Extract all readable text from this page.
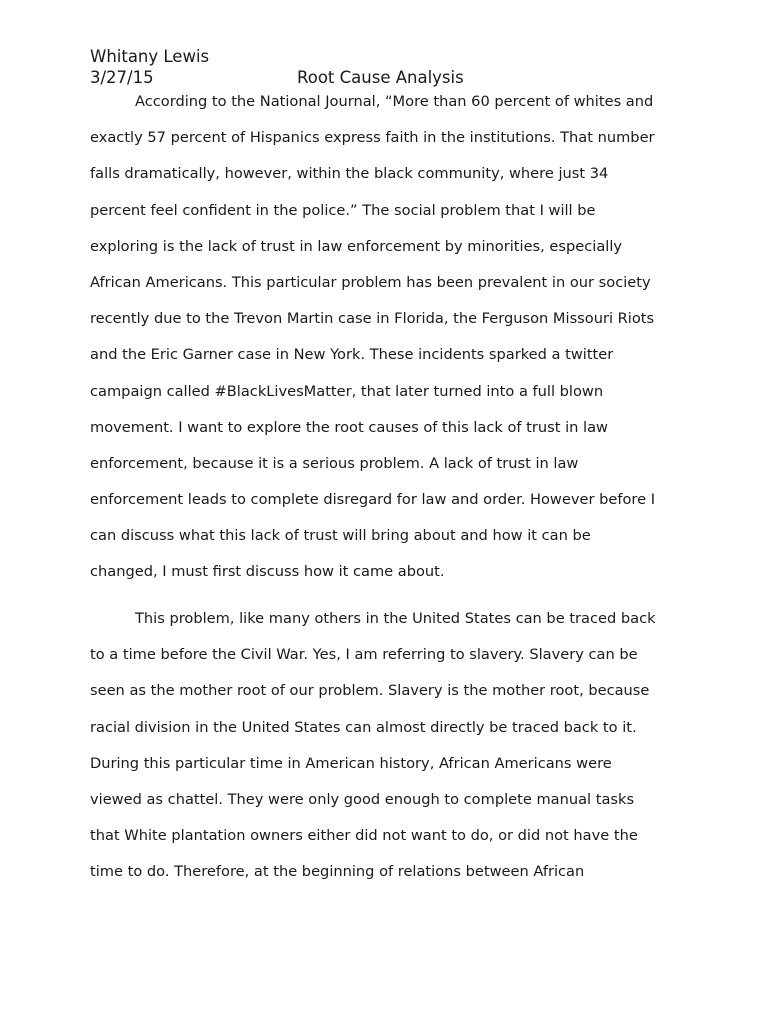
Whitany Lewis
3/27/15	Root Cause Analysis

According to the National Journal, “More than 60 percent of whites and
exactly 57 percent of Hispanics express faith in the institutions. That number
falls dramatically, however, within the black community, where just 34
percent feel confident in the police.” The social problem that I will be
exploring is the lack of trust in law enforcement by minorities, especially
African Americans. This particular problem has been prevalent in our society
recently due to the Trevon Martin case in Florida, the Ferguson Missouri Riots
and the Eric Garner case in New York. These incidents sparked a twitter
campaign called #BlackLivesMatter, that later turned into a full blown
movement. I want to explore the root causes of this lack of trust in law
enforcement, because it is a serious problem. A lack of trust in law
enforcement leads to complete disregard for law and order. However before I
can discuss what this lack of trust will bring about and how it can be
changed, I must first discuss how it came about.

This problem, like many others in the United States can be traced back
to a time before the Civil War. Yes, I am referring to slavery. Slavery can be
seen as the mother root of our problem. Slavery is the mother root, because
racial division in the United States can almost directly be traced back to it.
During this particular time in American history, African Americans were
viewed as chattel. They were only good enough to complete manual tasks
that White plantation owners either did not want to do, or did not have the
time to do. Therefore, at the beginning of relations between African
